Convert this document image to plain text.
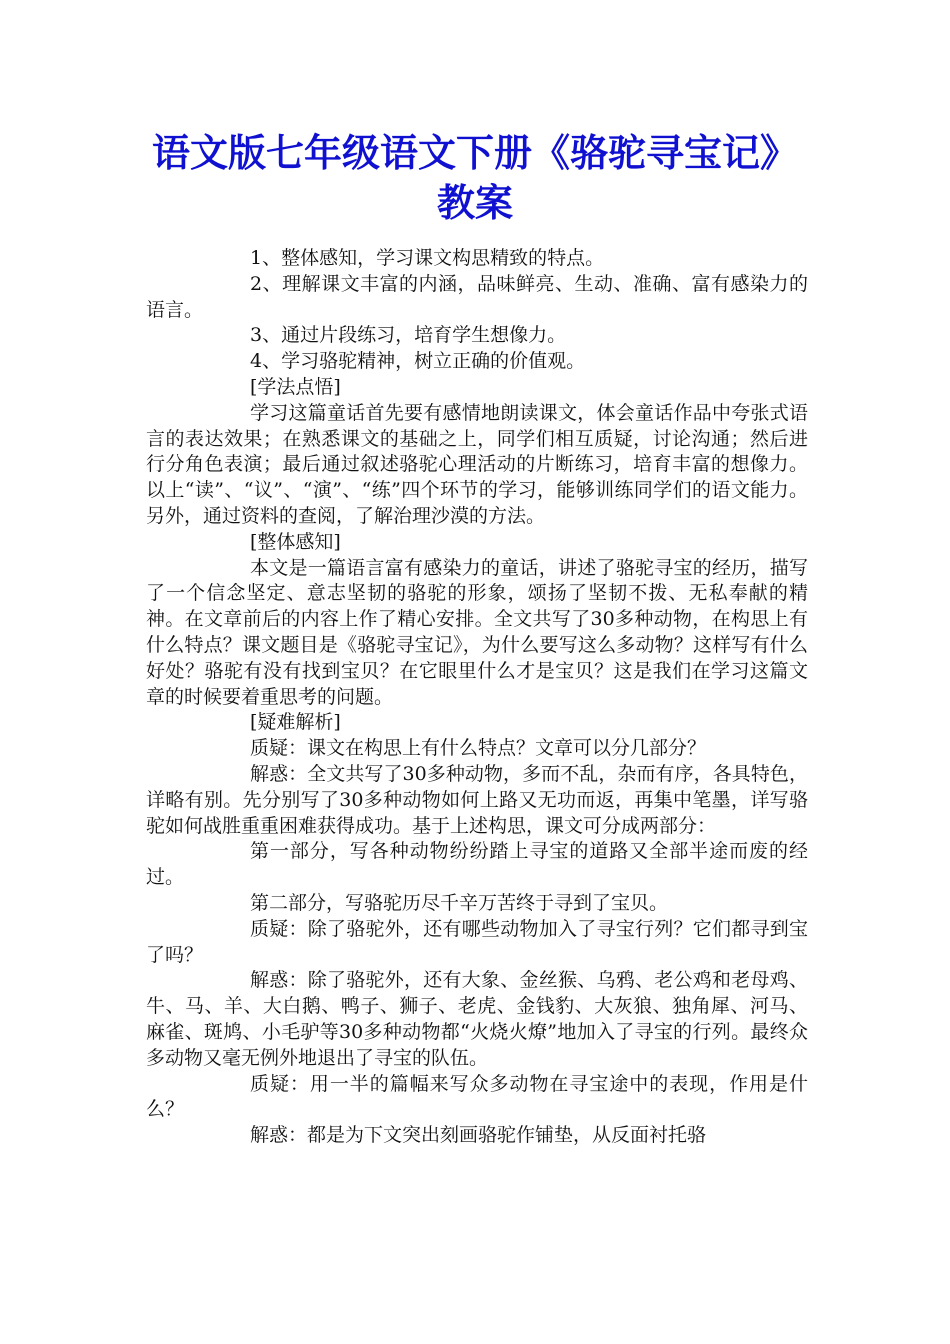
语文版七年级语文下册《骆驼寻宝记》教案

1、整体感知，学习课文构思精致的特点。

2、理解课文丰富的内涵，品味鲜亮、生动、准确、富有感染力的语言。

3、通过片段练习，培育学生想像力。

4、学习骆驼精神，树立正确的价值观。

[学法点悟]

学习这篇童话首先要有感情地朗读课文，体会童话作品中夸张式语言的表达效果；在熟悉课文的基础之上，同学们相互质疑，讨论沟通；然后进行分角色表演；最后通过叙述骆驼心理活动的片断练习，培育丰富的想像力。以上“读”、“议”、“演”、“练”四个环节的学习，能够训练同学们的语文能力。另外，通过资料的查阅，了解治理沙漠的方法。

[整体感知]

本文是一篇语言富有感染力的童话，讲述了骆驼寻宝的经历，描写了一个信念坚定、意志坚韧的骆驼的形象，颂扬了坚韧不拨、无私奉献的精神。在文章前后的内容上作了精心安排。全文共写了30多种动物，在构思上有什么特点？课文题目是《骆驼寻宝记》，为什么要写这么多动物？这样写有什么好处？骆驼有没有找到宝贝？在它眼里什么才是宝贝？这是我们在学习这篇文章的时候要着重思考的问题。

[疑难解析]

质疑：课文在构思上有什么特点？文章可以分几部分？

解惑：全文共写了30多种动物，多而不乱，杂而有序，各具特色，详略有别。先分别写了30多种动物如何上路又无功而返，再集中笔墨，详写骆驼如何战胜重重困难获得成功。基于上述构思，课文可分成两部分：

第一部分，写各种动物纷纷踏上寻宝的道路又全部半途而废的经过。

第二部分，写骆驼历尽千辛万苦终于寻到了宝贝。

质疑：除了骆驼外，还有哪些动物加入了寻宝行列？它们都寻到宝了吗？

解惑：除了骆驼外，还有大象、金丝猴、乌鸦、老公鸡和老母鸡、牛、马、羊、大白鹅、鸭子、狮子、老虎、金钱豹、大灰狼、独角犀、河马、麻雀、斑鸠、小毛驴等30多种动物都“火烧火燎”地加入了寻宝的行列。最终众多动物又毫无例外地退出了寻宝的队伍。

质疑：用一半的篇幅来写众多动物在寻宝途中的表现，作用是什么？

解惑：都是为下文突出刻画骆驼作铺垫，从反面衬托骆
